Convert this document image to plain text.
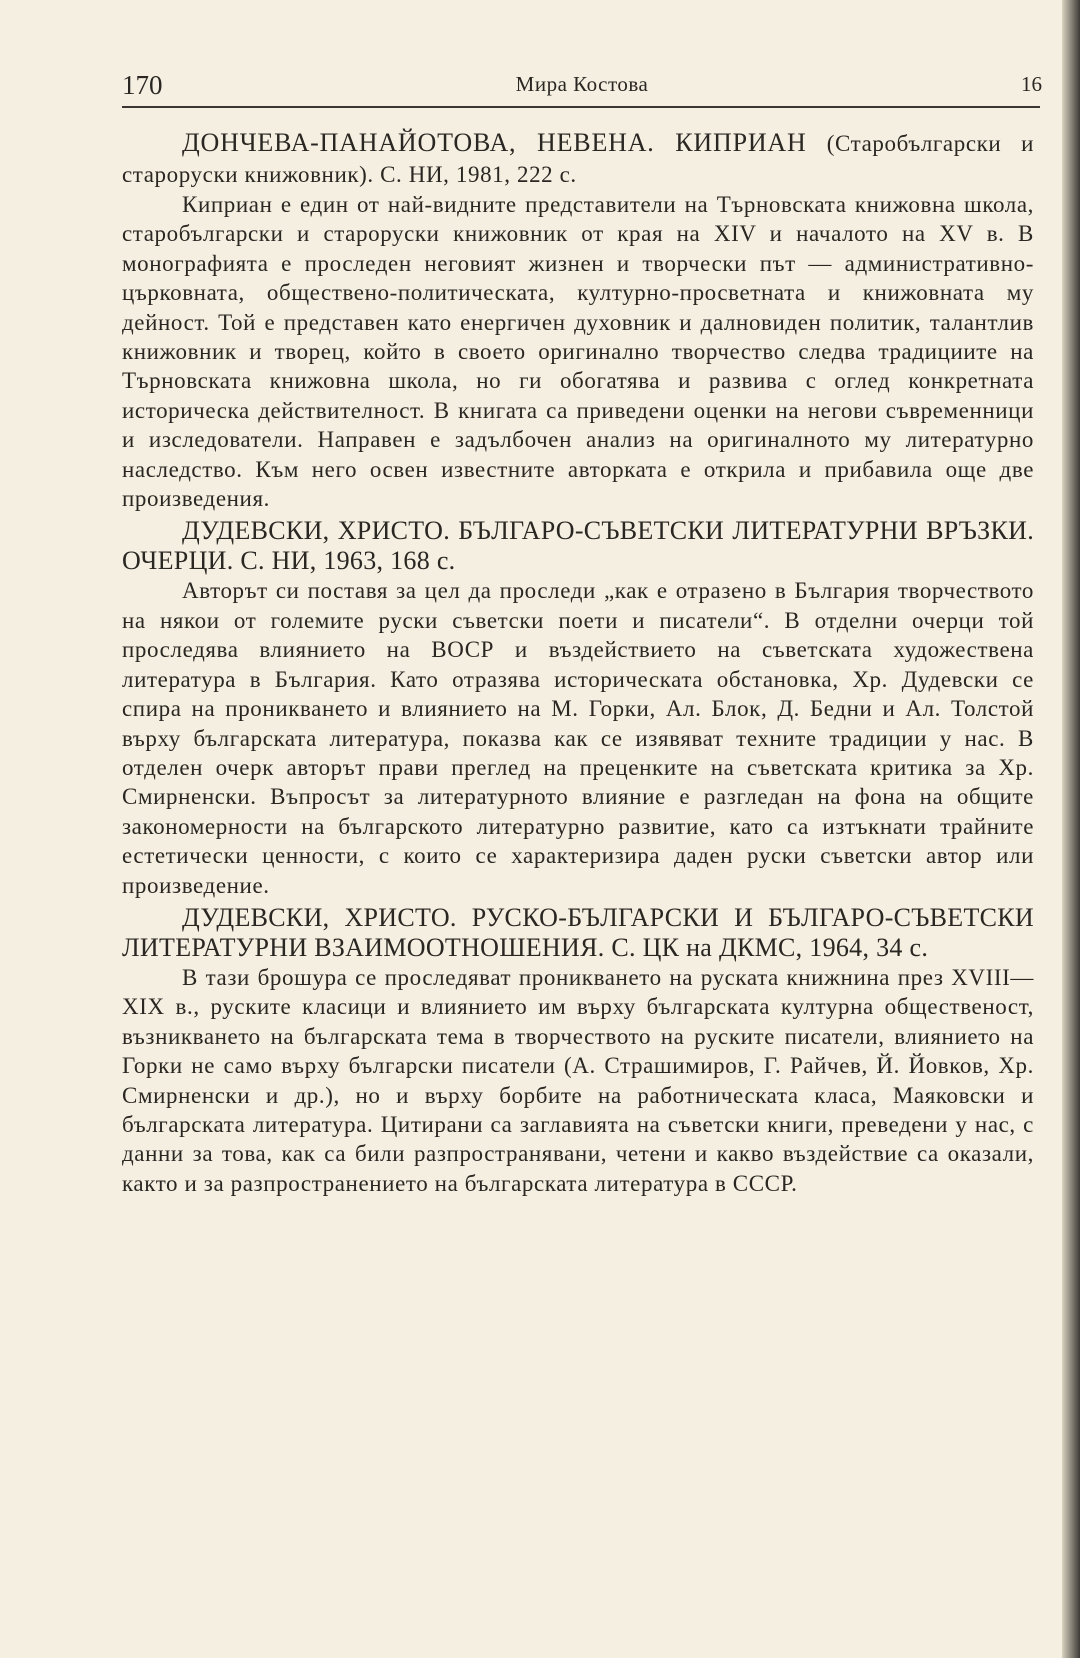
Мира Костова
170	16
ДОНЧЕВА-ПАНАЙОТОВА, НЕВЕНА. КИПРИАН (Старобългарски и староруски книжовник). С. НИ, 1981, 222 с.

Киприан е един от най-видните представители на Търновската книжовна школа, старобългарски и староруски книжовник от края на XIV и началото на XV в. В монографията е проследен неговият жизнен и творчески път — административно-църковната, обществено-политическата, културно-просветната и книжовната му дейност. Той е представен като енергичен духовник и далновиден политик, талантлив книжовник и творец, който в своето оригинално творчество следва традициите на Търновската книжовна школа, но ги обогатява и развива с оглед конкретната историческа действителност. В книгата са приведени оценки на негови съвременници и изследователи. Направен е задълбочен анализ на оригиналното му литературно наследство. Към него освен известните авторката е открила и прибавила още две произведения.

ДУДЕВСКИ, ХРИСТО. БЪЛГАРО-СЪВЕТСКИ ЛИТЕРАТУРНИ ВРЪЗКИ. ОЧЕРЦИ. С. НИ, 1963, 168 с.

Авторът си поставя за цел да проследи „как е отразено в България творчеството на някои от големите руски съветски поети и писатели“. В отделни очерци той проследява влиянието на ВОСР и въздействието на съветската художествена литература в България. Като отразява историческата обстановка, Хр. Дудевски се спира на проникването и влиянието на М. Горки, Ал. Блок, Д. Бедни и Ал. Толстой върху българската литература, показва как се изявяват техните традиции у нас. В отделен очерк авторът прави преглед на преценките на съветската критика за Хр. Смирненски. Въпросът за литературното влияние е разгледан на фона на общите закономерности на българското литературно развитие, като са изтъкнати трайните естетически ценности, с които се характеризира даден руски съветски автор или произведение.

ДУДЕВСКИ, ХРИСТО. РУСКО-БЪЛГАРСКИ И БЪЛГАРО-СЪВЕТСКИ ЛИТЕРАТУРНИ ВЗАИМООТНОШЕНИЯ. С. ЦК на ДКМС, 1964, 34 с.

В тази брошура се проследяват проникването на руската книжнина през XVIII—XIX в., руските класици и влиянието им върху българската културна общественост, възникването на българската тема в творчеството на руските писатели, влиянието на Горки не само върху български писатели (А. Страшимиров, Г. Райчев, Й. Йовков, Хр. Смирненски и др.), но и върху борбите на работническата класа, Маяковски и българската литература. Цитирани са заглавията на съветски книги, преведени у нас, с данни за това, как са били разпространявани, четени и какво въздействие са оказали, както и за разпространението на българската литература в СССР.
